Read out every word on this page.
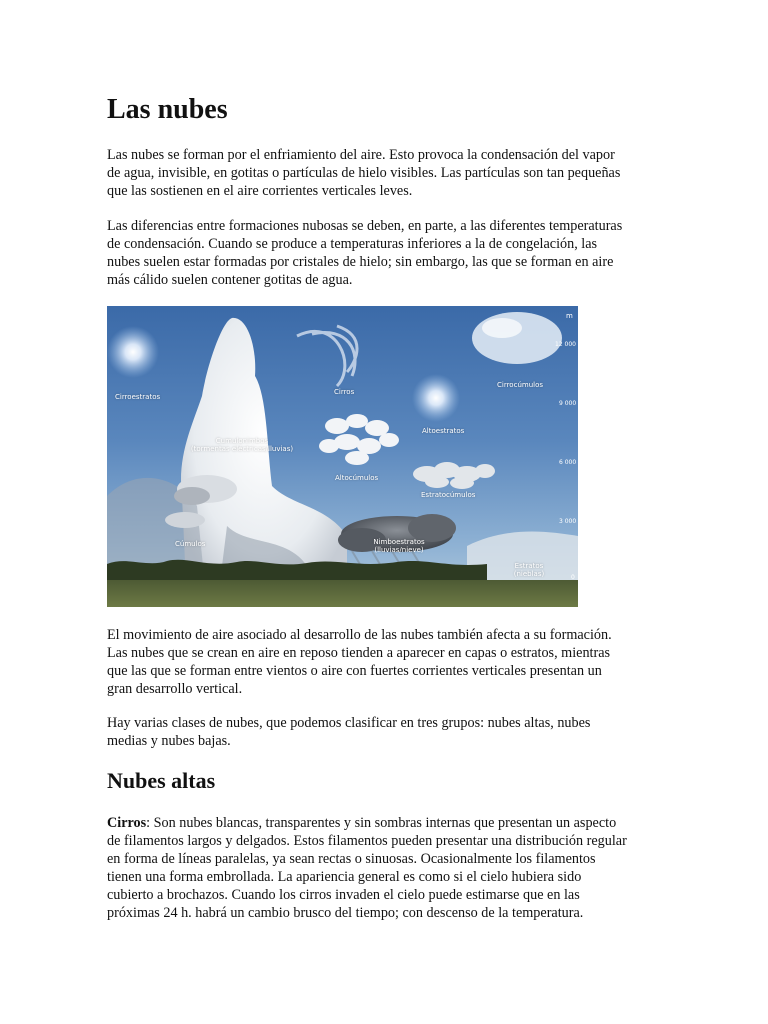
Las nubes
Las nubes se forman por el enfriamiento del aire. Esto provoca la condensación del vapor
de agua, invisible, en gotitas o partículas de hielo visibles. Las partículas son tan pequeñas
que las sostienen en el aire corrientes verticales leves.
Las diferencias entre formaciones nubosas se deben, en parte, a las diferentes temperaturas
de condensación. Cuando se produce a temperaturas inferiores a la de congelación, las
nubes suelen estar formadas por cristales de hielo; sin embargo, las que se forman en aire
más cálido suelen contener gotitas de agua.
Cirroestratos
Cirros
Cirrocúmulos
Cumulonimbos
(tormentas eléctricas/lluvias)
Altoestratos
Altocúmulos
Estratocúmulos
Cúmulos	Nimboestratos
(lluvias/nieve)
Estratos
(nieblas)
m
12 000
9 000
6 000
3 000
0
El movimiento de aire asociado al desarrollo de las nubes también afecta a su formación.
Las nubes que se crean en aire en reposo tienden a aparecer en capas o estratos, mientras
que las que se forman entre vientos o aire con fuertes corrientes verticales presentan un
gran desarrollo vertical.
Hay varias clases de nubes, que podemos clasificar en tres grupos: nubes altas, nubes
medias y nubes bajas.
Nubes altas
Cirros: Son nubes blancas, transparentes y sin sombras internas que presentan un aspecto
de filamentos largos y delgados. Estos filamentos pueden presentar una distribución regular
en forma de líneas paralelas, ya sean rectas o sinuosas. Ocasionalmente los filamentos
tienen una forma embrollada. La apariencia general es como si el cielo hubiera sido
cubierto a brochazos. Cuando los cirros invaden el cielo puede estimarse que en las
próximas 24 h. habrá un cambio brusco del tiempo; con descenso de la temperatura.
